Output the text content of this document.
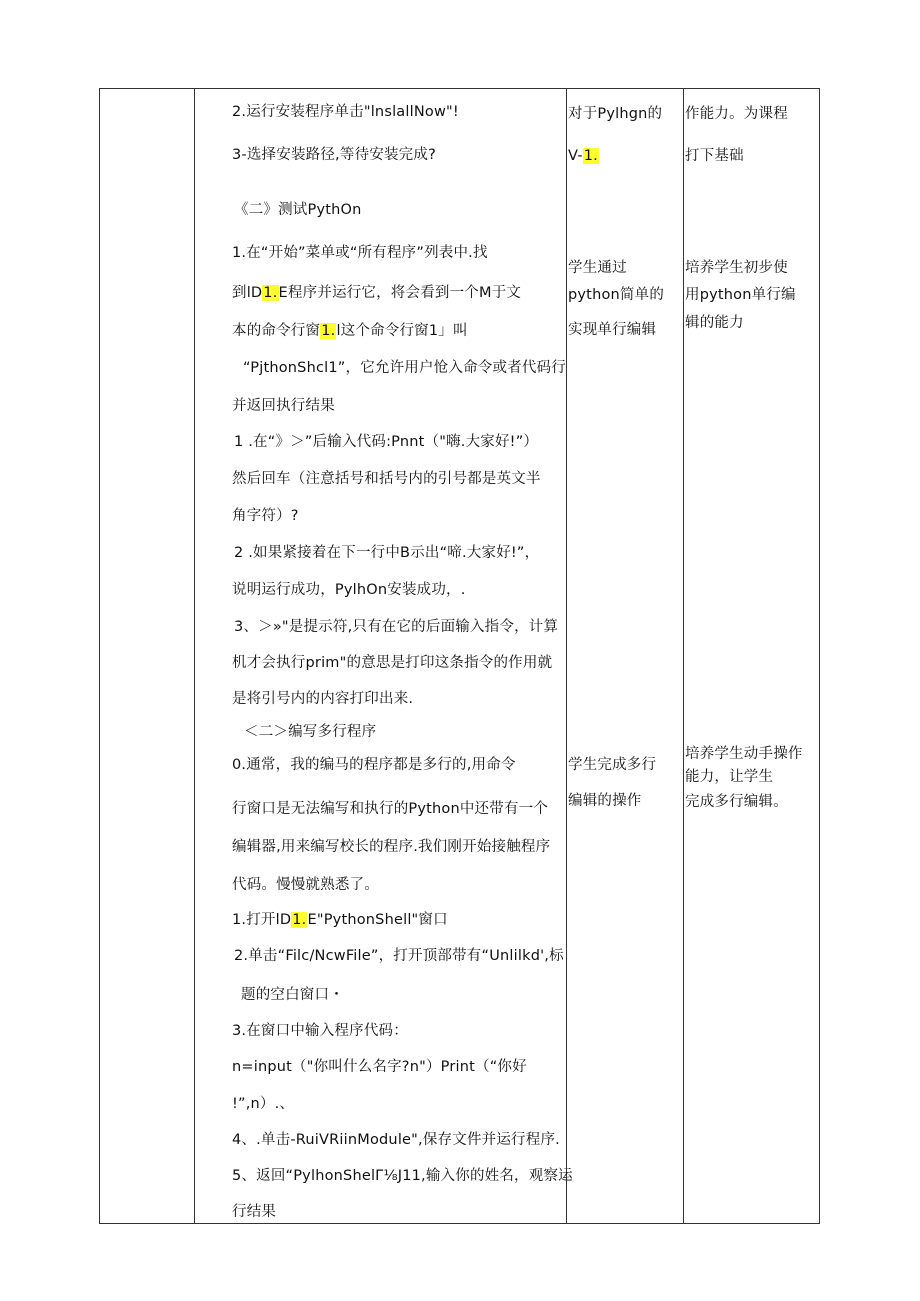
2.运行安装程序单击"lnslallNow"!
3-选择安装路径,等待安装完成?
《二》测试PythOn
1.在“开始”菜单或“所有程序”列表中.找
到lD1.E程序并运行它，将会看到一个M于文
本的命令行窗1.l这个命令行窗1」叫
“PjthonShcl1”，它允许用户怆入命令或者代码行
并返回执行结果
1 .在“》＞”后输入代码:Pnnt（"嗨.大家好!”）
然后回车（注意括号和括号内的引号都是英文半
角字符）?
2 .如果紧接着在下一行中B示出“啼.大家好!”，
说明运行成功，PylhOn安装成功，.
3、＞»"是提示符,只有在它的后面输入指令，计算
机才会执行prim"的意思是打印这条指令的作用就
是将引号内的内容打印出来.
＜二＞编写多行程序
0.通常，我的编马的程序都是多行的,用命令
行窗口是无法编写和执行的Python中还带有一个
编辑器,用来编写校长的程序.我们刚开始接触程序
代码。慢慢就熟悉了。
1.打开lD1.E"PythonShell"窗口
2.单击“Filc/NcwFile”，打开顶部带有“Unlilkd',标
题的空白窗口・
3.在窗口中输入程序代码：
n=input（"你叫什么名字?n"）Print（“你好
!”,n）.、
4、.单击-RuiVRiinModule",保存文件并运行程序.
5、返回“PylhonShelΓ⅛J11,输入你的姓名，观察运
行结果
对于Pylhgn的
V-1.
学生通过
python简单的
实现单行编辑
学生完成多行
编辑的操作
作能力。为课程
打下基础
培养学生初步使
用python单行编
辑的能力
培养学生动手操作
能力，让学生
完成多行编辑。
